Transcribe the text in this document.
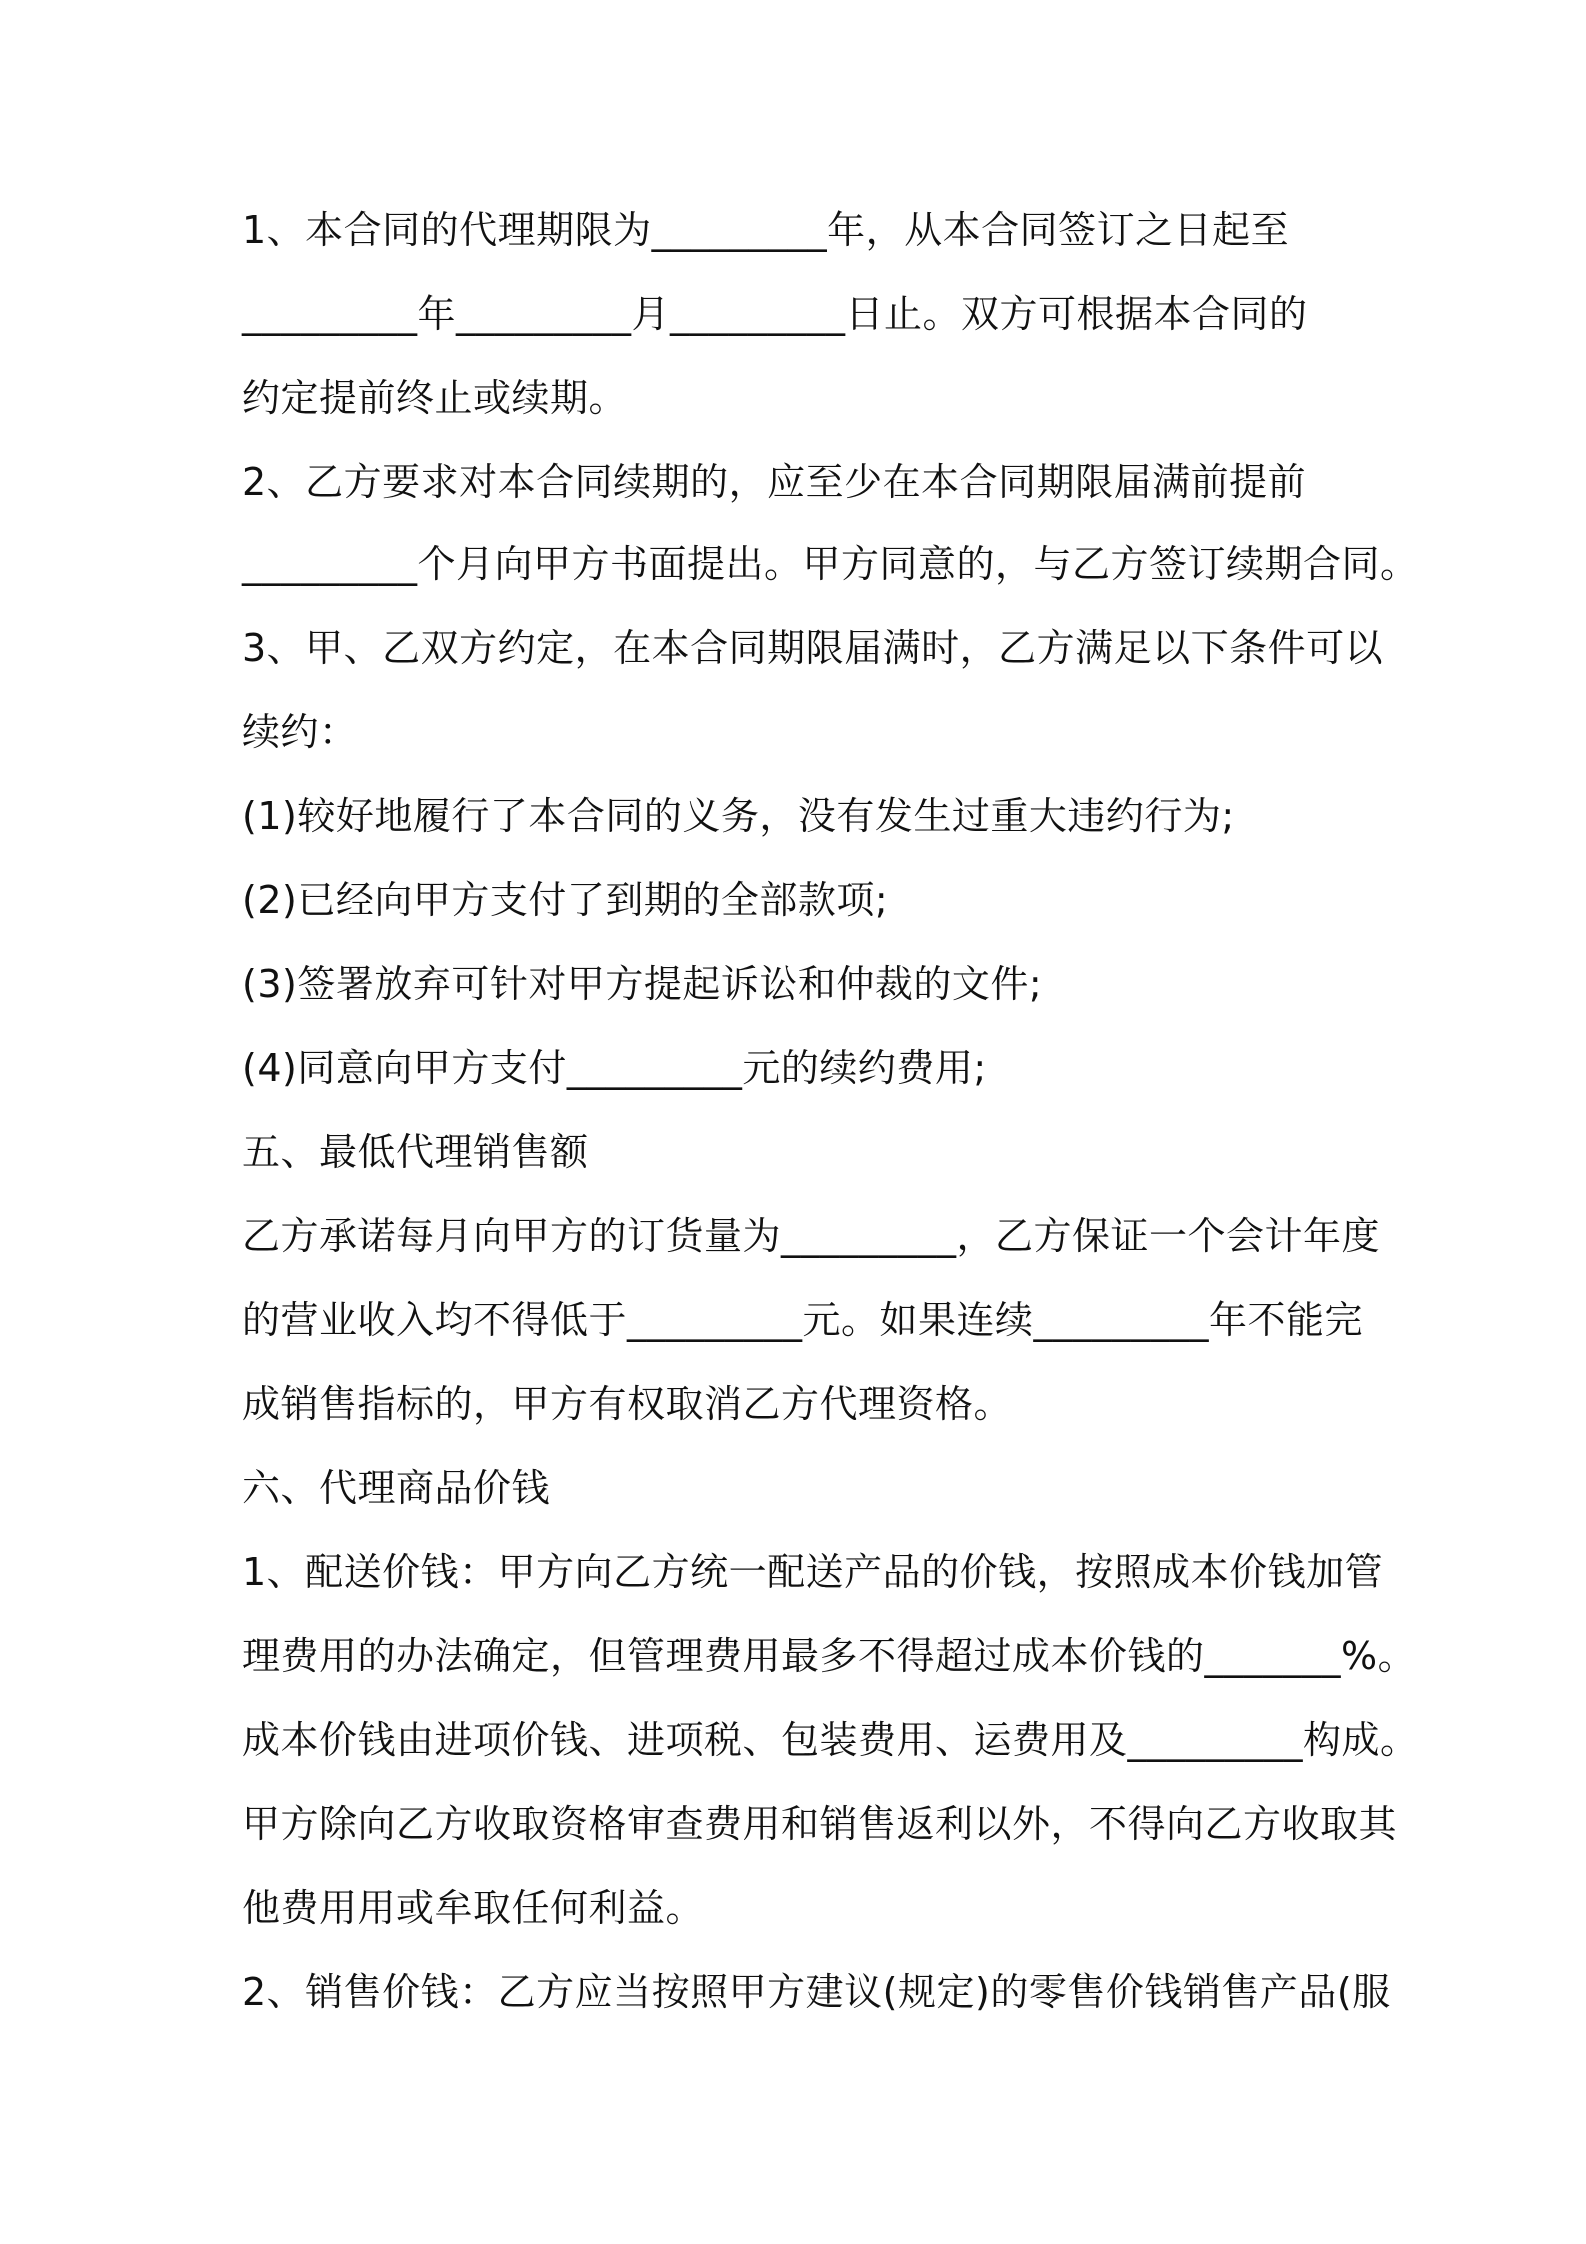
1、本合同的代理期限为_________年，从本合同签订之日起至

_________年_________月_________日止。双方可根据本合同的

约定提前终止或续期。

2、乙方要求对本合同续期的，应至少在本合同期限届满前提前

_________个月向甲方书面提出。甲方同意的，与乙方签订续期合同。

3、甲、乙双方约定，在本合同期限届满时，乙方满足以下条件可以

续约：

(1)较好地履行了本合同的义务，没有发生过重大违约行为;

(2)已经向甲方支付了到期的全部款项;

(3)签署放弃可针对甲方提起诉讼和仲裁的文件;

(4)同意向甲方支付_________元的续约费用;

五、最低代理销售额

乙方承诺每月向甲方的订货量为_________，乙方保证一个会计年度

的营业收入均不得低于_________元。如果连续_________年不能完

成销售指标的，甲方有权取消乙方代理资格。

六、代理商品价钱

1、配送价钱：甲方向乙方统一配送产品的价钱，按照成本价钱加管

理费用的办法确定，但管理费用最多不得超过成本价钱的_______%。

成本价钱由进项价钱、进项税、包装费用、运费用及_________构成。

甲方除向乙方收取资格审查费用和销售返利以外，不得向乙方收取其

他费用用或牟取任何利益。

2、销售价钱：乙方应当按照甲方建议(规定)的零售价钱销售产品(服
